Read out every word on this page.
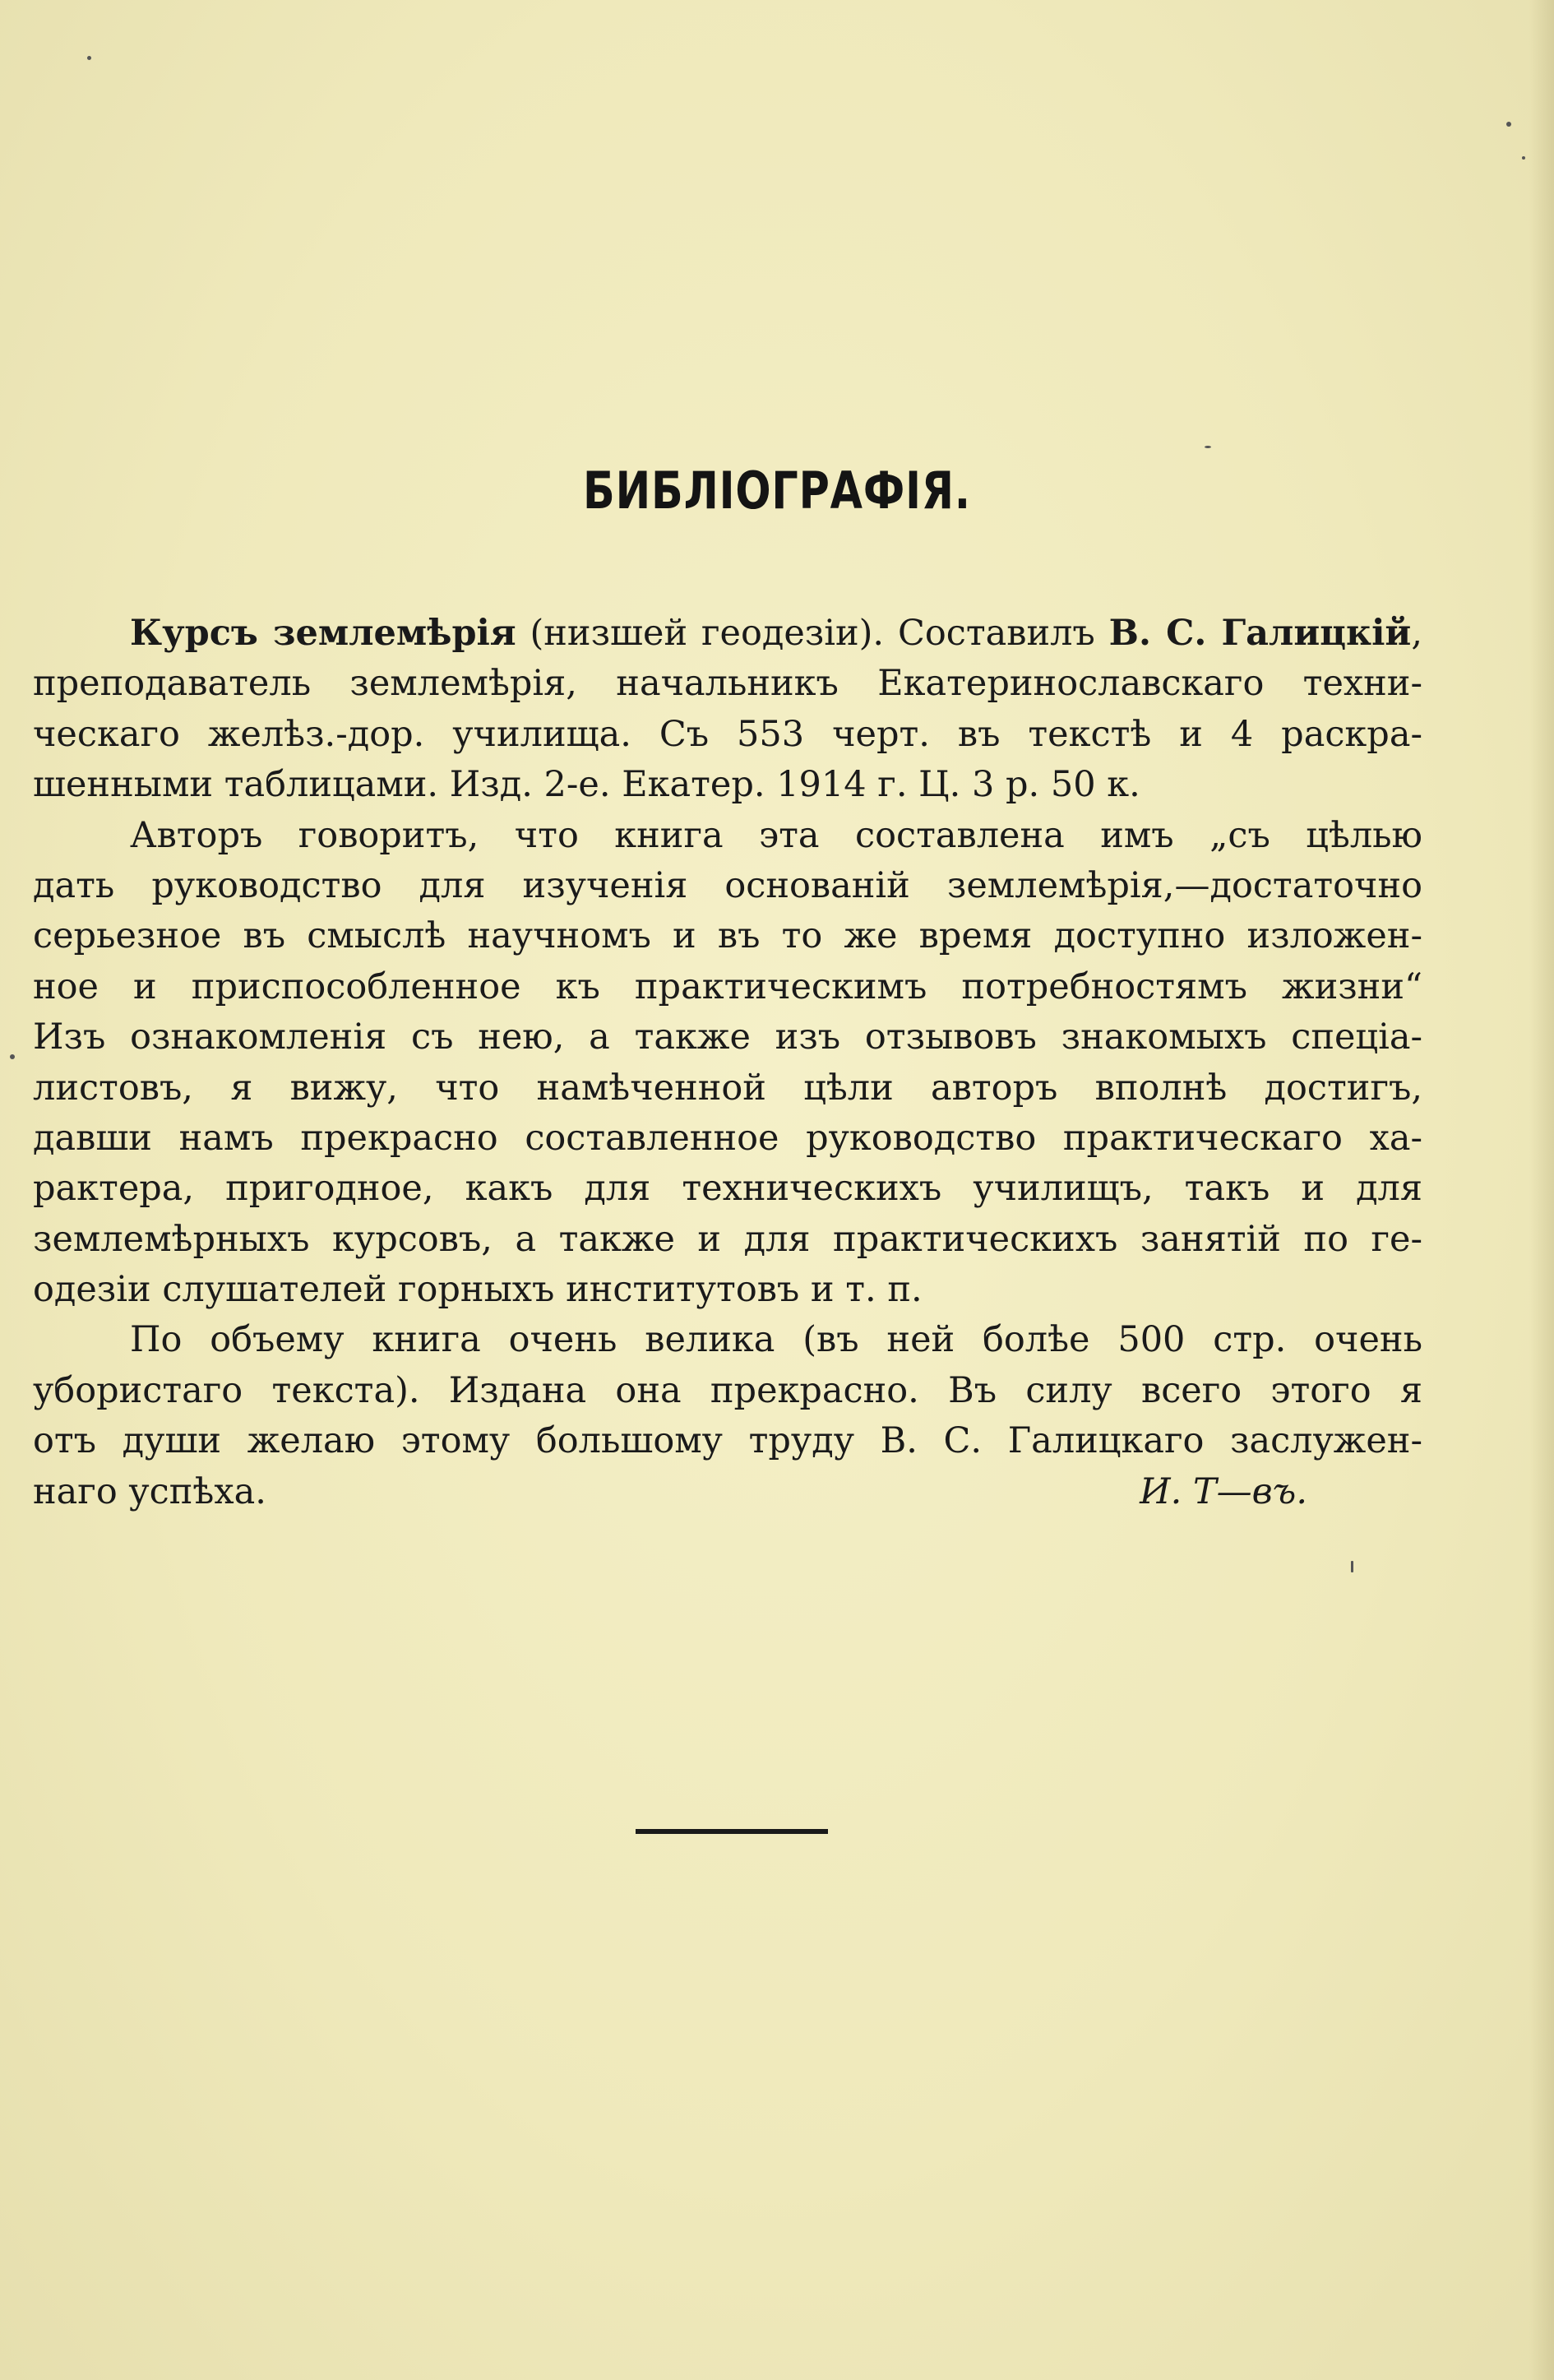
БИБЛІОГРАФІЯ.
Курсъ землемѣрія (низшей геодезіи). Составилъ В. С. Галицкій,
преподаватель землемѣрія, начальникъ Екатеринославскаго техни-
ческаго желѣз.-дор. училища. Съ 553 черт. въ текстѣ и 4 раскра-
шенными таблицами. Изд. 2-е. Екатер. 1914 г. Ц. 3 р. 50 к.
Авторъ говоритъ, что книга эта составлена имъ „съ цѣлью
дать руководство для изученія основаній землемѣрія,—достаточно
серьезное въ смыслѣ научномъ и въ то же время доступно изложен-
ное и приспособленное къ практическимъ потребностямъ жизни“
Изъ ознакомленія съ нею, а также изъ отзывовъ знакомыхъ спеціа-
листовъ, я вижу, что намѣченной цѣли авторъ вполнѣ достигъ,
давши намъ прекрасно составленное руководство практическаго ха-
рактера, пригодное, какъ для техническихъ училищъ, такъ и для
землемѣрныхъ курсовъ, а также и для практическихъ занятій по ге-
одезіи слушателей горныхъ институтовъ и т. п.
По объему книга очень велика (въ ней болѣе 500 стр. очень
убористаго текста). Издана она прекрасно. Въ силу всего этого я
отъ души желаю этому большому труду В. С. Галицкаго заслужен-
наго успѣха.	И. Т—въ.
